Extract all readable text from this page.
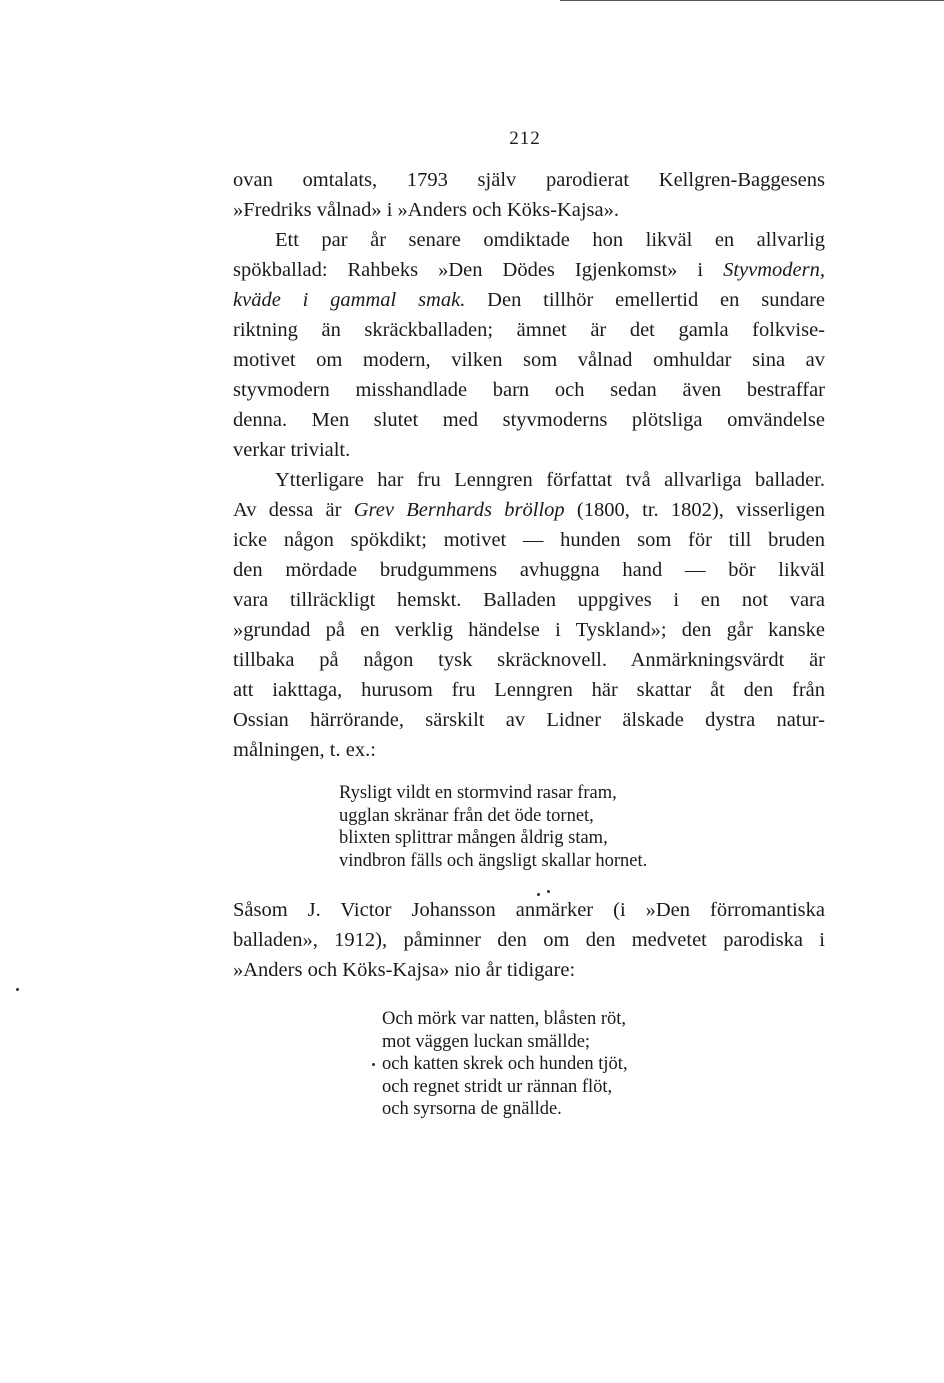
212
ovan omtalats, 1793 själv parodierat Kellgren-Baggesens
»Fredriks vålnad» i »Anders och Köks-Kajsa».
Ett par år senare omdiktade hon likväl en allvarlig
spökballad: Rahbeks »Den Dödes Igjenkomst» i Styvmodern,
kväde i gammal smak. Den tillhör emellertid en sundare
riktning än skräckballaden; ämnet är det gamla folkvise-
motivet om modern, vilken som vålnad omhuldar sina av
styvmodern misshandlade barn och sedan även bestraffar
denna. Men slutet med styvmoderns plötsliga omvändelse
verkar trivialt.
Ytterligare har fru Lenngren författat två allvarliga ballader.
Av dessa är Grev Bernhards bröllop (1800, tr. 1802), visserligen
icke någon spökdikt; motivet — hunden som för till bruden
den mördade brudgummens avhuggna hand — bör likväl
vara tillräckligt hemskt. Balladen uppgives i en not vara
»grundad på en verklig händelse i Tyskland»; den går kanske
tillbaka på någon tysk skräcknovell. Anmärkningsvärdt är
att iakttaga, hurusom fru Lenngren här skattar åt den från
Ossian härrörande, särskilt av Lidner älskade dystra natur-
målningen, t. ex.:
Rysligt vildt en stormvind rasar fram,
ugglan skränar från det öde tornet,
blixten splittrar mången åldrig stam,
vindbron fälls och ängsligt skallar hornet.
Såsom J. Victor Johansson anmärker (i »Den förromantiska
balladen», 1912), påminner den om den medvetet parodiska i
»Anders och Köks-Kajsa» nio år tidigare:
Och mörk var natten, blåsten röt,
mot väggen luckan smällde;
och katten skrek och hunden tjöt,
och regnet stridt ur rännan flöt,
och syrsorna de gnällde.
